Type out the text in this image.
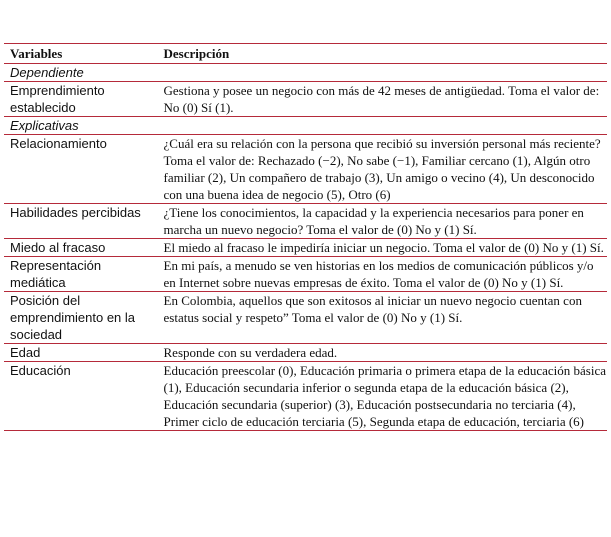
Variables	Descripción
Dependiente	
Emprendimiento establecido	Gestiona y posee un negocio con más de 42 meses de antigüedad. Toma el valor de: No (0) Sí (1).
Explicativas	
Relacionamiento	¿Cuál era su relación con la persona que recibió su inversión personal más reciente? Toma el valor de: Rechazado (−2), No sabe (−1), Familiar cercano (1), Algún otro familiar (2), Un compañero de trabajo (3), Un amigo o vecino (4), Un desconocido con una buena idea de negocio (5), Otro (6)
Habilidades percibidas	¿Tiene los conocimientos, la capacidad y la experiencia necesarios para poner en marcha un nuevo negocio? Toma el valor de (0) No y (1) Sí.
Miedo al fracaso	El miedo al fracaso le impediría iniciar un negocio. Toma el valor de (0) No y (1) Sí.
Representación mediática	En mi país, a menudo se ven historias en los medios de comunicación públicos y/o en Internet sobre nuevas empresas de éxito. Toma el valor de (0) No y (1) Sí.
Posición del emprendimiento en la sociedad	En Colombia, aquellos que son exitosos al iniciar un nuevo negocio cuentan con estatus social y respeto” Toma el valor de (0) No y (1) Sí.
Edad	Responde con su verdadera edad.
Educación	Educación preescolar (0), Educación primaria o primera etapa de la educación básica (1), Educación secundaria inferior o segunda etapa de la educación básica (2), Educación secundaria (superior) (3), Educación postsecundaria no terciaria (4), Primer ciclo de educación terciaria (5), Segunda etapa de educación, terciaria (6)
